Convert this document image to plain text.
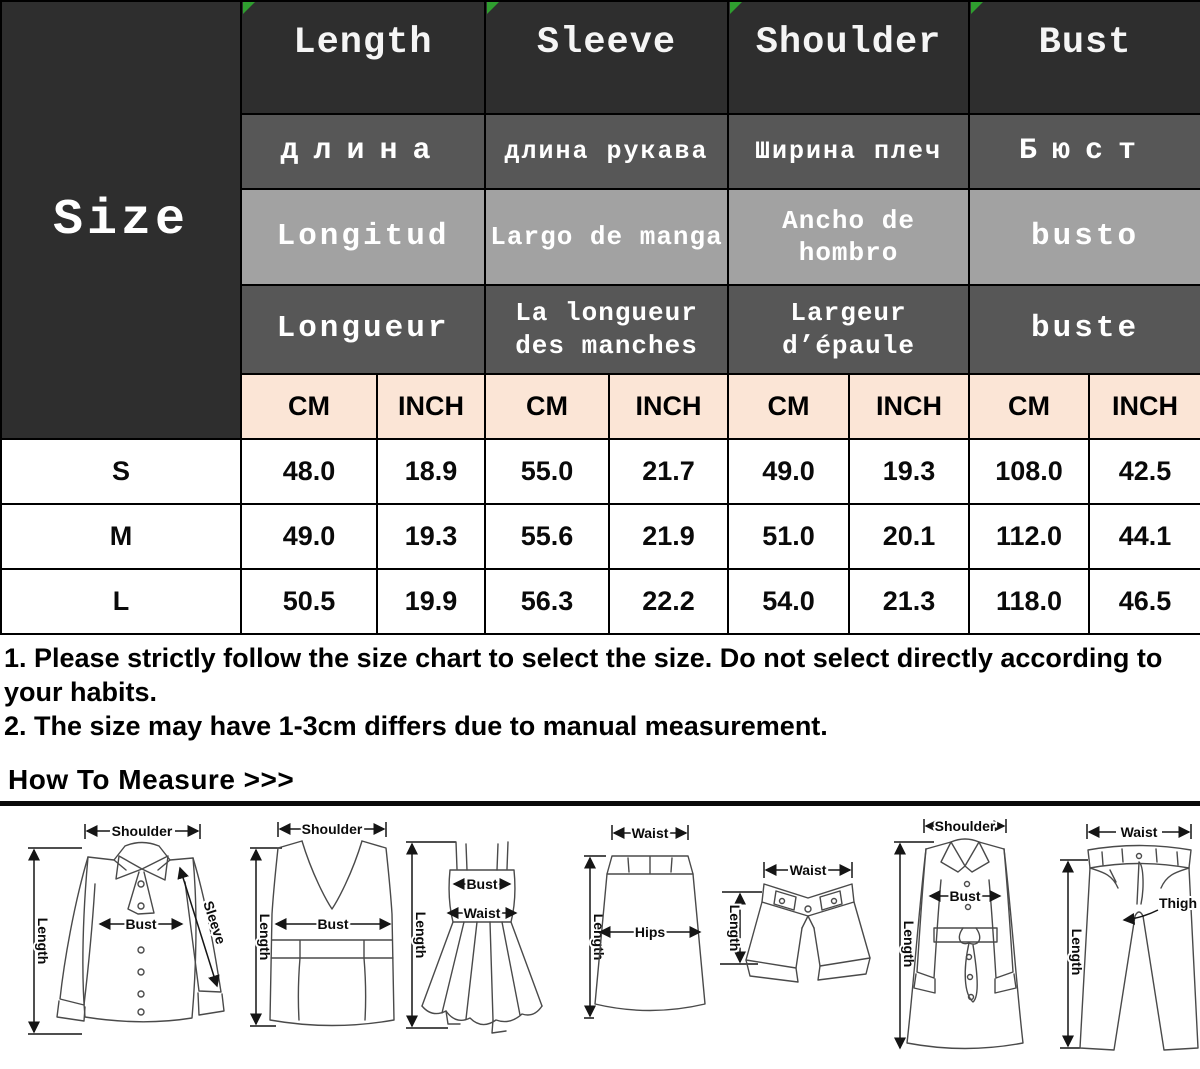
Size	Length		Sleeve		Shoulder		Bust	
	длина		длина рукава		Ширина плеч		Бюст	
	Longitud		Largo de manga		Ancho de hombro		busto	
	Longueur		La longueur des manches		Largeur d’épaule		buste	
	CM	INCH	CM	INCH	CM	INCH	CM	INCH
S	48.0	18.9	55.0	21.7	49.0	19.3	108.0	42.5
M	49.0	19.3	55.6	21.9	51.0	20.1	112.0	44.1
L	50.5	19.9	56.3	22.2	54.0	21.3	118.0	46.5
1. Please strictly follow the size chart to select the size. Do not select directly according to your habits.
2. The size may have 1-3cm differs due to manual measurement.
How To Measure >>>
Shoulder
Length	Bust	Sleeve
Shoulder
Length	Bust	Length
Bust
Waist
Waist
Length Hips
Waist
Length
Shoulder
Length
Bust
Waist
Length
Thigh
